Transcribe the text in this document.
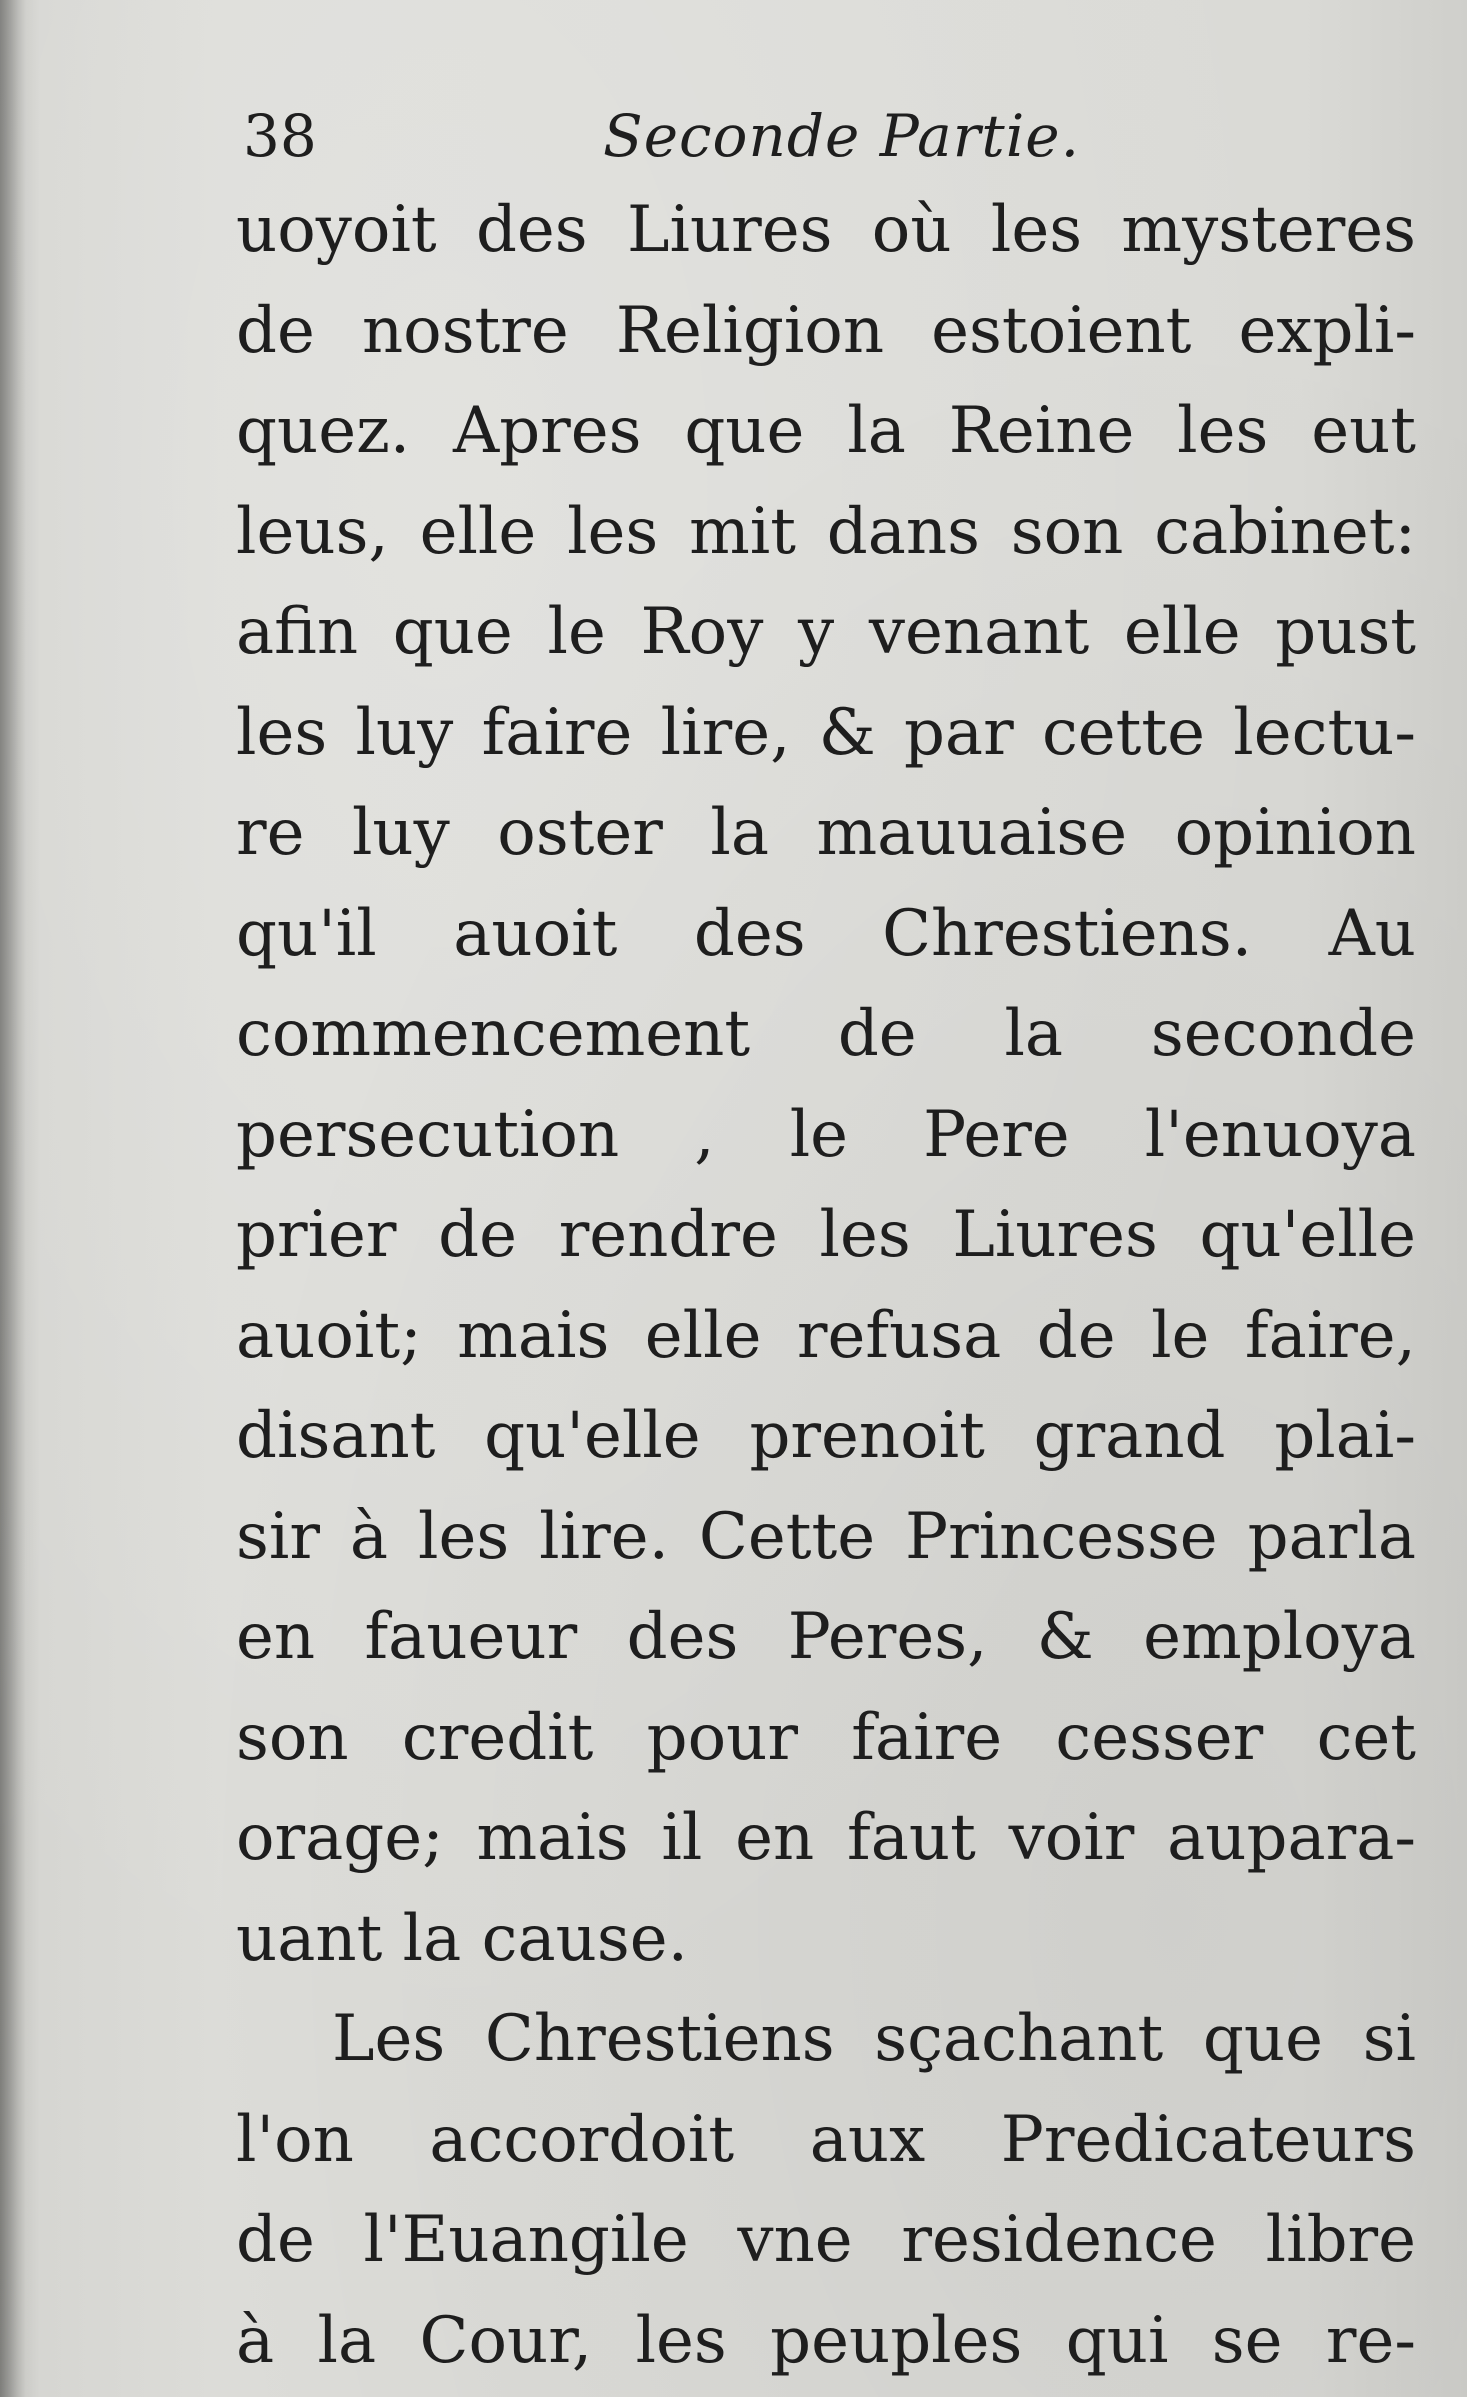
38	Seconde Partie.
uoyoit des Liures où les mysteres
de nostre Religion estoient expli-
quez. Apres que la Reine les eut
leus, elle les mit dans son cabinet:
afin que le Roy y venant elle pust
les luy faire lire, & par cette lectu-
re luy oster la mauuaise opinion
qu'il auoit des Chrestiens. Au
commencement de la seconde
persecution , le Pere l'enuoya
prier de rendre les Liures qu'elle
auoit; mais elle refusa de le faire,
disant qu'elle prenoit grand plai-
sir à les lire. Cette Princesse parla
en faueur des Peres, & employa
son credit pour faire cesser cet
orage; mais il en faut voir aupara-
uant la cause.
Les Chrestiens sçachant que si
l'on accordoit aux Predicateurs
de l'Euangile vne residence libre
à la Cour, les peuples qui se re-
